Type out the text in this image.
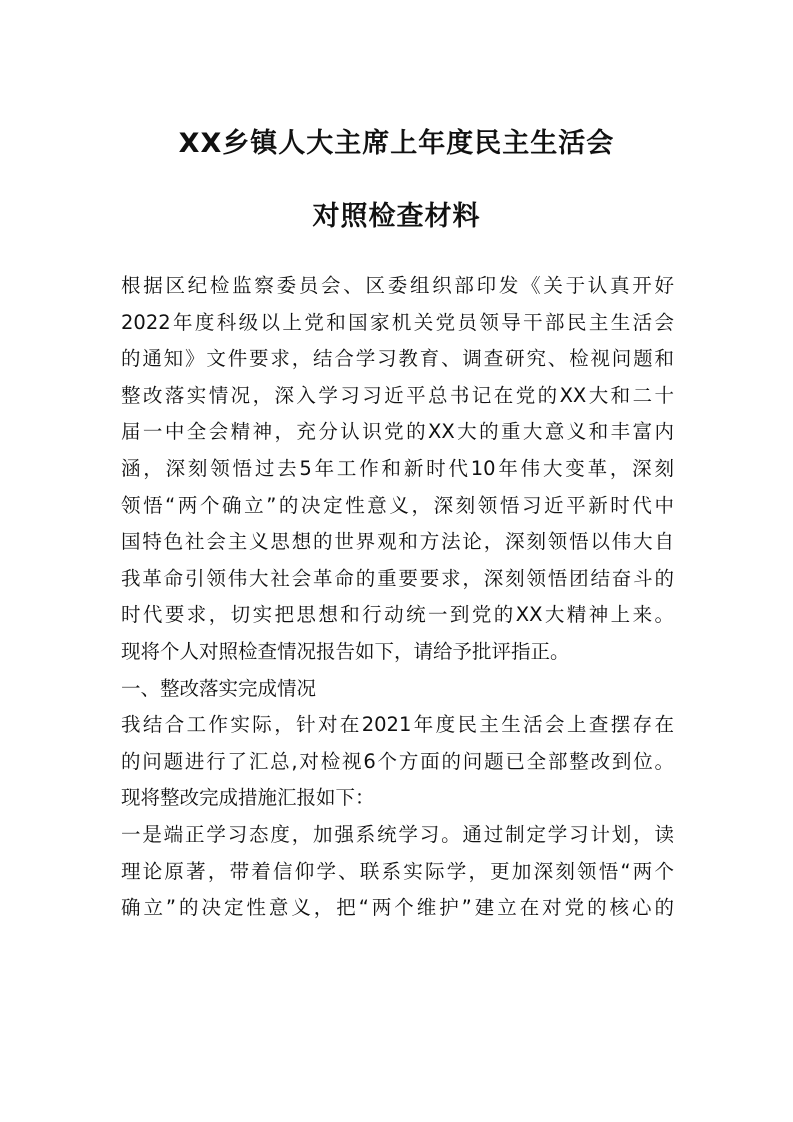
XX乡镇人大主席上年度民主生活会
对照检查材料
根据区纪检监察委员会、区委组织部印发《关于认真开好
2022年度科级以上党和国家机关党员领导干部民主生活会
的通知》文件要求，结合学习教育、调查研究、检视问题和
整改落实情况，深入学习习近平总书记在党的XX大和二十
届一中全会精神，充分认识党的XX大的重大意义和丰富内
涵，深刻领悟过去5年工作和新时代10年伟大变革，深刻
领悟“两个确立”的决定性意义，深刻领悟习近平新时代中
国特色社会主义思想的世界观和方法论，深刻领悟以伟大自
我革命引领伟大社会革命的重要要求，深刻领悟团结奋斗的
时代要求，切实把思想和行动统一到党的XX大精神上来。
现将个人对照检查情况报告如下，请给予批评指正。
一、整改落实完成情况
我结合工作实际，针对在2021年度民主生活会上查摆存在
的问题进行了汇总,对检视6个方面的问题已全部整改到位。
现将整改完成措施汇报如下：
一是端正学习态度，加强系统学习。通过制定学习计划，读
理论原著，带着信仰学、联系实际学，更加深刻领悟“两个
确立”的决定性意义，把“两个维护”建立在对党的核心的
